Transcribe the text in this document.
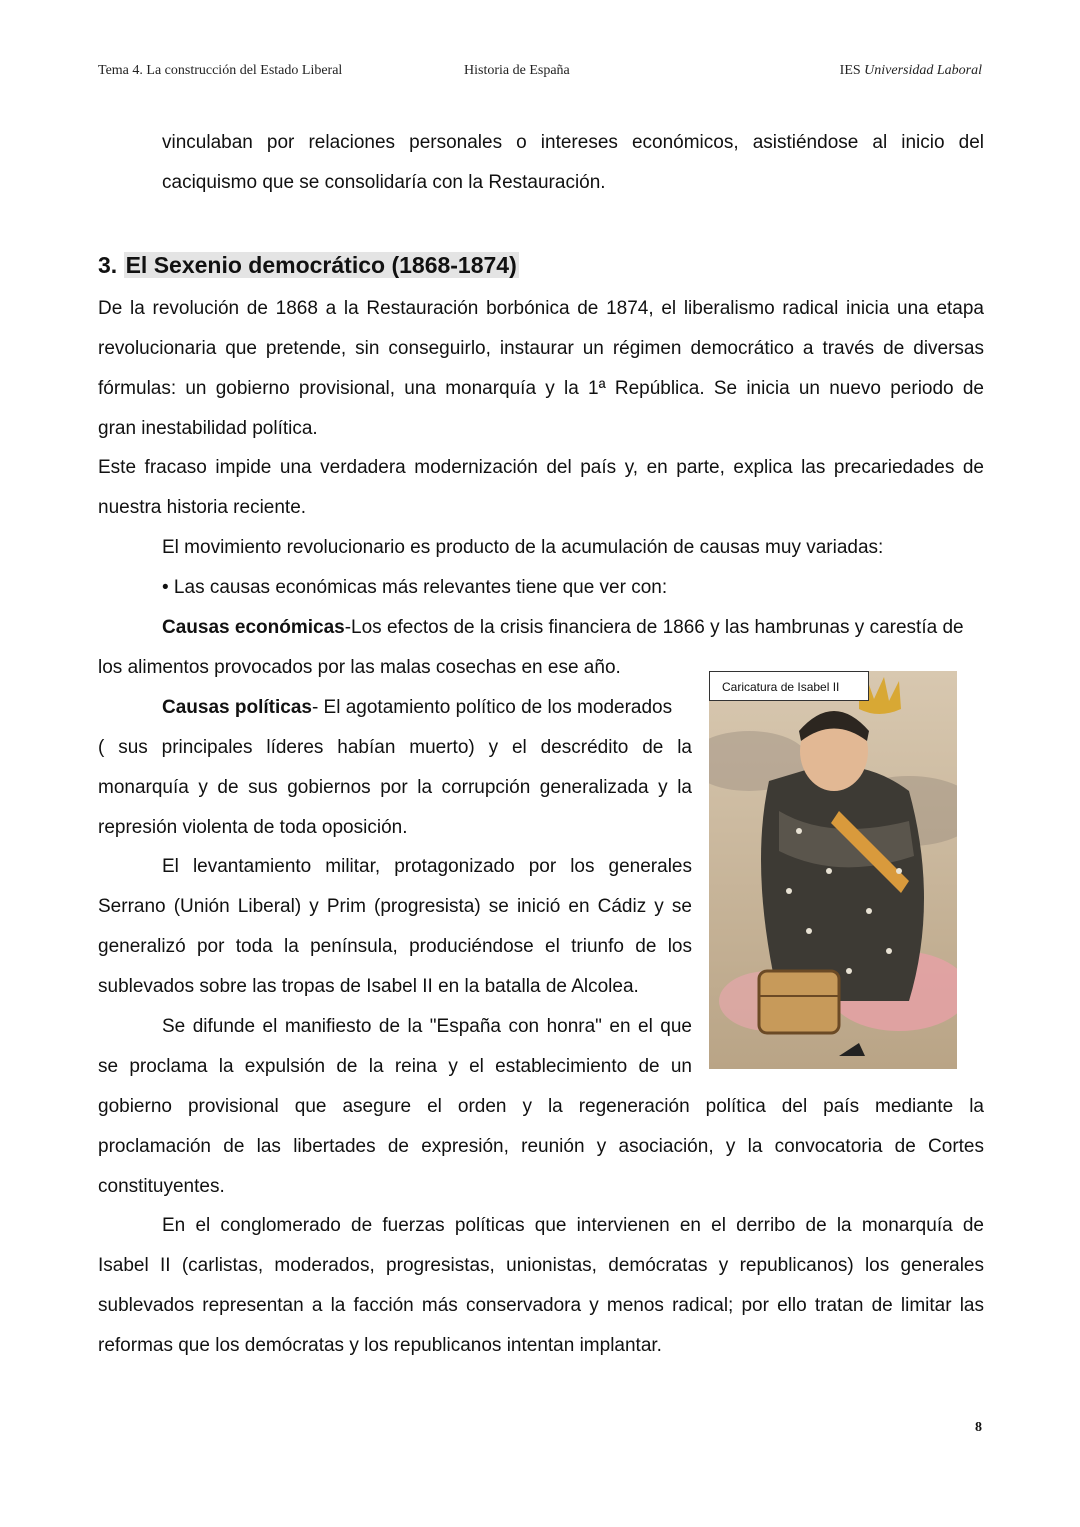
Tema 4. La construcción del Estado Liberal	Historia de España	IES Universidad Laboral
vinculaban por relaciones personales o intereses económicos, asistiéndose al inicio del
caciquismo que se consolidaría con la Restauración.
3. El Sexenio democrático (1868-1874)
De la revolución de 1868 a la Restauración borbónica de 1874, el liberalismo radical inicia una etapa
revolucionaria que pretende, sin conseguirlo, instaurar un régimen democrático a través de diversas
fórmulas: un gobierno provisional, una monarquía y la 1ª República. Se inicia un nuevo periodo de
gran inestabilidad política.
Este fracaso impide una verdadera modernización del país y, en parte, explica las precariedades de
nuestra historia reciente.
El movimiento revolucionario es producto de la acumulación de causas muy variadas:
• Las causas económicas más relevantes tiene que ver con:
Causas económicas-Los efectos de la crisis financiera de 1866 y las hambrunas y carestía de
los alimentos provocados por las malas cosechas en ese año.
Causas políticas- El agotamiento político de los moderados
( sus principales líderes habían muerto) y el descrédito de la
monarquía y de sus gobiernos por la corrupción generalizada y la
represión violenta de toda oposición.
El levantamiento militar, protagonizado por los generales
Serrano (Unión Liberal) y Prim (progresista) se inició en Cádiz y se
generalizó por toda la península, produciéndose el triunfo de los
sublevados sobre las tropas de Isabel II en la batalla de Alcolea.
Se difunde el manifiesto de la "España con honra" en el que
se proclama la expulsión de la reina y el establecimiento de un
gobierno provisional que asegure el orden y la regeneración política del país mediante la
proclamación de las libertades de expresión, reunión y asociación, y la convocatoria de Cortes
constituyentes.
En el conglomerado de fuerzas políticas que intervienen en el derribo de la monarquía de
Isabel II (carlistas, moderados, progresistas, unionistas, demócratas y republicanos) los generales
sublevados representan a la facción más conservadora y menos radical; por ello tratan de limitar las
reformas que los demócratas y los republicanos intentan implantar.
Caricatura de Isabel II
8
